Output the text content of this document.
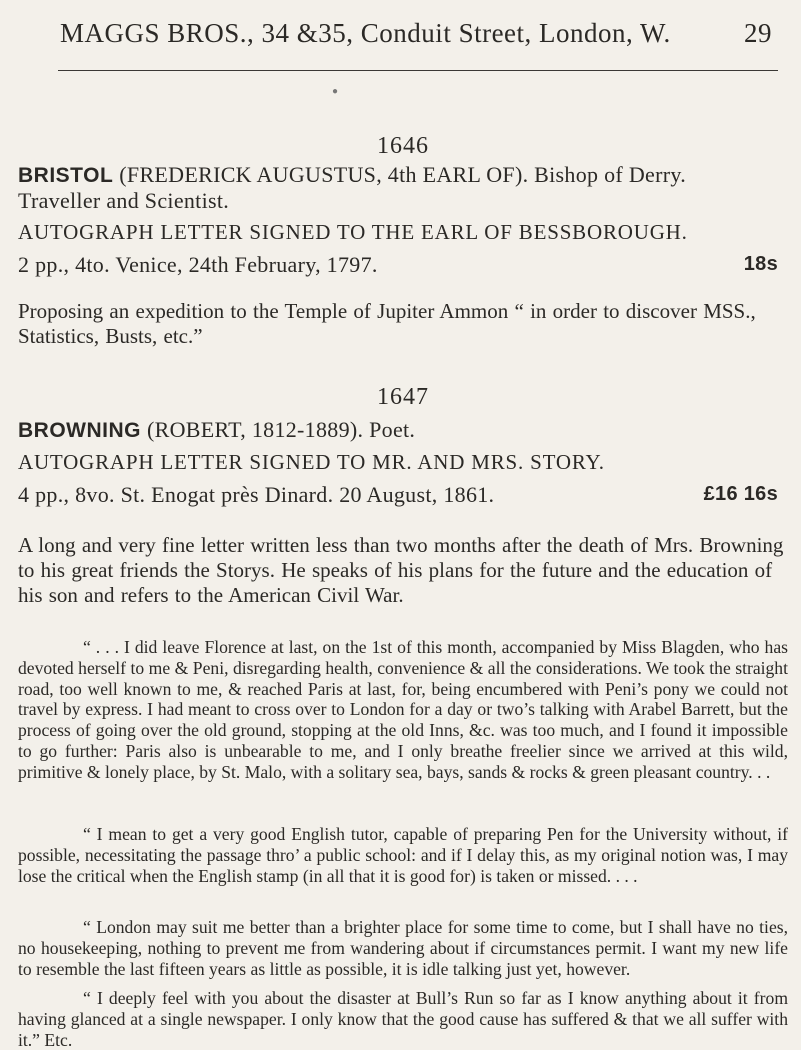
MAGGS BROS., 34 &35, Conduit Street, London, W.	29
●

1646

BRISTOL (FREDERICK AUGUSTUS, 4th EARL OF). Bishop of Derry.
Traveller and Scientist.
AUTOGRAPH LETTER SIGNED TO THE EARL OF BESSBOROUGH.
2 pp., 4to. Venice, 24th February, 1797.	18s
Proposing an expedition to the Temple of Jupiter Ammon “ in order to discover MSS., Statistics, Busts, etc.”

1647

BROWNING (ROBERT, 1812-1889). Poet.
AUTOGRAPH LETTER SIGNED TO MR. AND MRS. STORY.
4 pp., 8vo. St. Enogat près Dinard. 20 August, 1861.	£16 16s
A long and very fine letter written less than two months after the death of Mrs. Browning to his great friends the Storys. He speaks of his plans for the future and the education of his son and refers to the American Civil War.

“ . . . I did leave Florence at last, on the 1st of this month, accompanied by Miss Blagden, who has devoted herself to me & Peni, disregarding health, convenience & all the considerations. We took the straight road, too well known to me, & reached Paris at last, for, being encumbered with Peni’s pony we could not travel by express. I had meant to cross over to London for a day or two’s talking with Arabel Barrett, but the process of going over the old ground, stopping at the old Inns, &c. was too much, and I found it impossible to go further: Paris also is unbearable to me, and I only breathe freelier since we arrived at this wild, primitive & lonely place, by St. Malo, with a solitary sea, bays, sands & rocks & green pleasant country. . .

“ I mean to get a very good English tutor, capable of preparing Pen for the University without, if possible, necessitating the passage thro’ a public school: and if I delay this, as my original notion was, I may lose the critical when the English stamp (in all that it is good for) is taken or missed. . . .

“ London may suit me better than a brighter place for some time to come, but I shall have no ties, no housekeeping, nothing to prevent me from wandering about if circumstances permit. I want my new life to resemble the last fifteen years as little as possible, it is idle talking just yet, however.

“ I deeply feel with you about the disaster at Bull’s Run so far as I know anything about it from having glanced at a single newspaper. I only know that the good cause has suffered & that we all suffer with it.” Etc.
